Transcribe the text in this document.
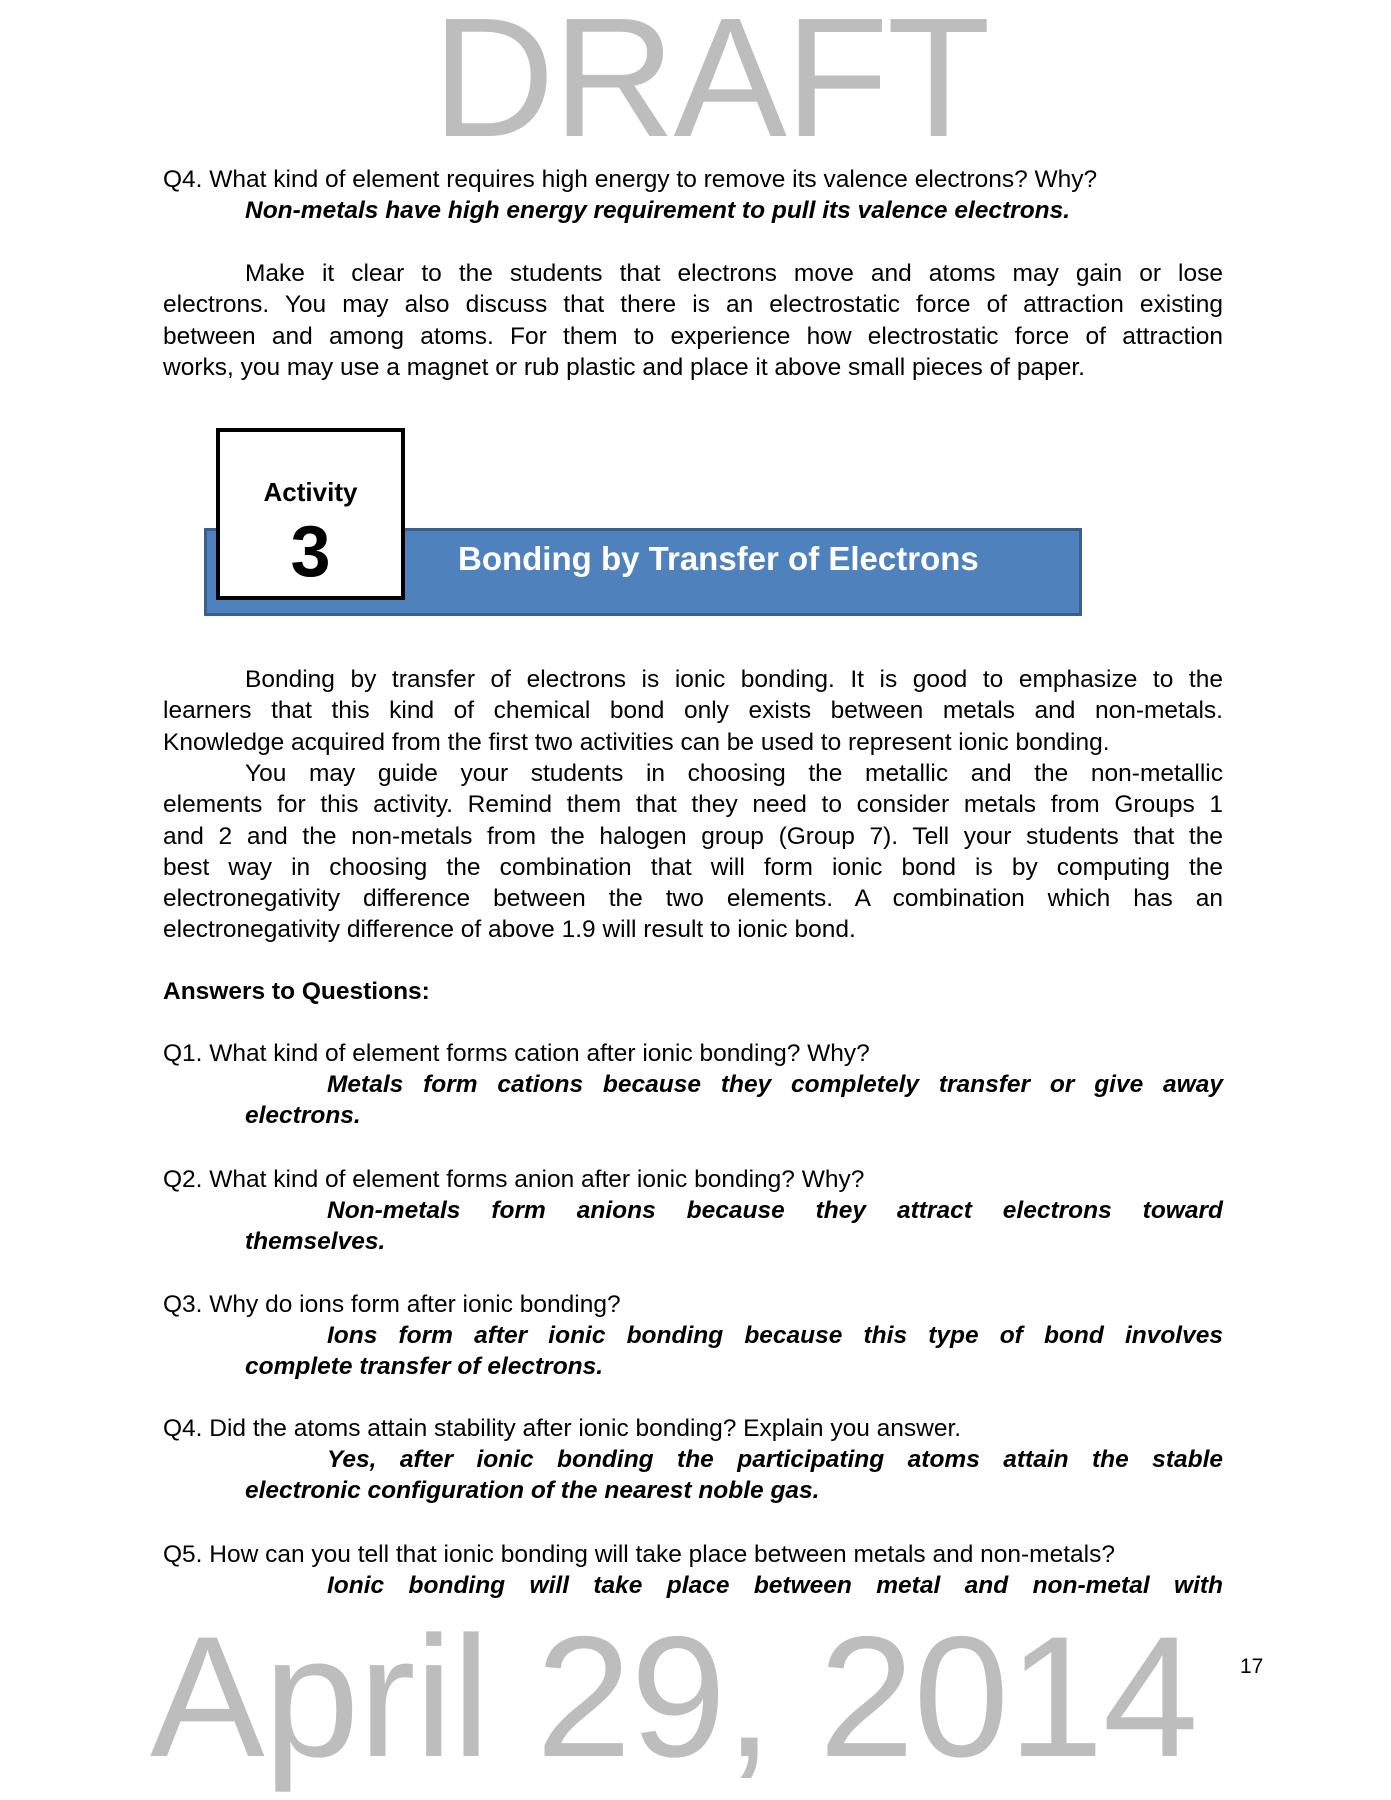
DRAFT
April 29, 2014
Q4. What kind of element requires high energy to remove its valence electrons? Why?
Non-metals have high energy requirement to pull its valence electrons.
Make it clear to the students that electrons move and atoms may gain or lose
electrons. You may also discuss that there is an electrostatic force of attraction existing
between and among atoms. For them to experience how electrostatic force of attraction
works, you may use a magnet or rub plastic and place it above small pieces of paper.
Bonding by transfer of electrons is ionic bonding. It is good to emphasize to the
learners that this kind of chemical bond only exists between metals and non-metals.
Knowledge acquired from the first two activities can be used to represent ionic bonding.
You may guide your students in choosing the metallic and the non-metallic
elements for this activity. Remind them that they need to consider metals from Groups 1
and 2 and the non-metals from the halogen group (Group 7). Tell your students that the
best way in choosing the combination that will form ionic bond is by computing the
electronegativity difference between the two elements. A combination which has an
electronegativity difference of above 1.9 will result to ionic bond.
Answers to Questions:
Q1. What kind of element forms cation after ionic bonding? Why?
Metals form cations because they completely transfer or give away
electrons.
Q2. What kind of element forms anion after ionic bonding? Why?
Non-metals form anions because they attract electrons toward
themselves.
Q3. Why do ions form after ionic bonding?
Ions form after ionic bonding because this type of bond involves
complete transfer of electrons.
Q4. Did the atoms attain stability after ionic bonding? Explain you answer.
Yes, after ionic bonding the participating atoms attain the stable
electronic configuration of the nearest noble gas.
Q5. How can you tell that ionic bonding will take place between metals and non-metals?
Ionic bonding will take place between metal and non-metal with
Bonding by Transfer of Electrons
Activity
3
17
